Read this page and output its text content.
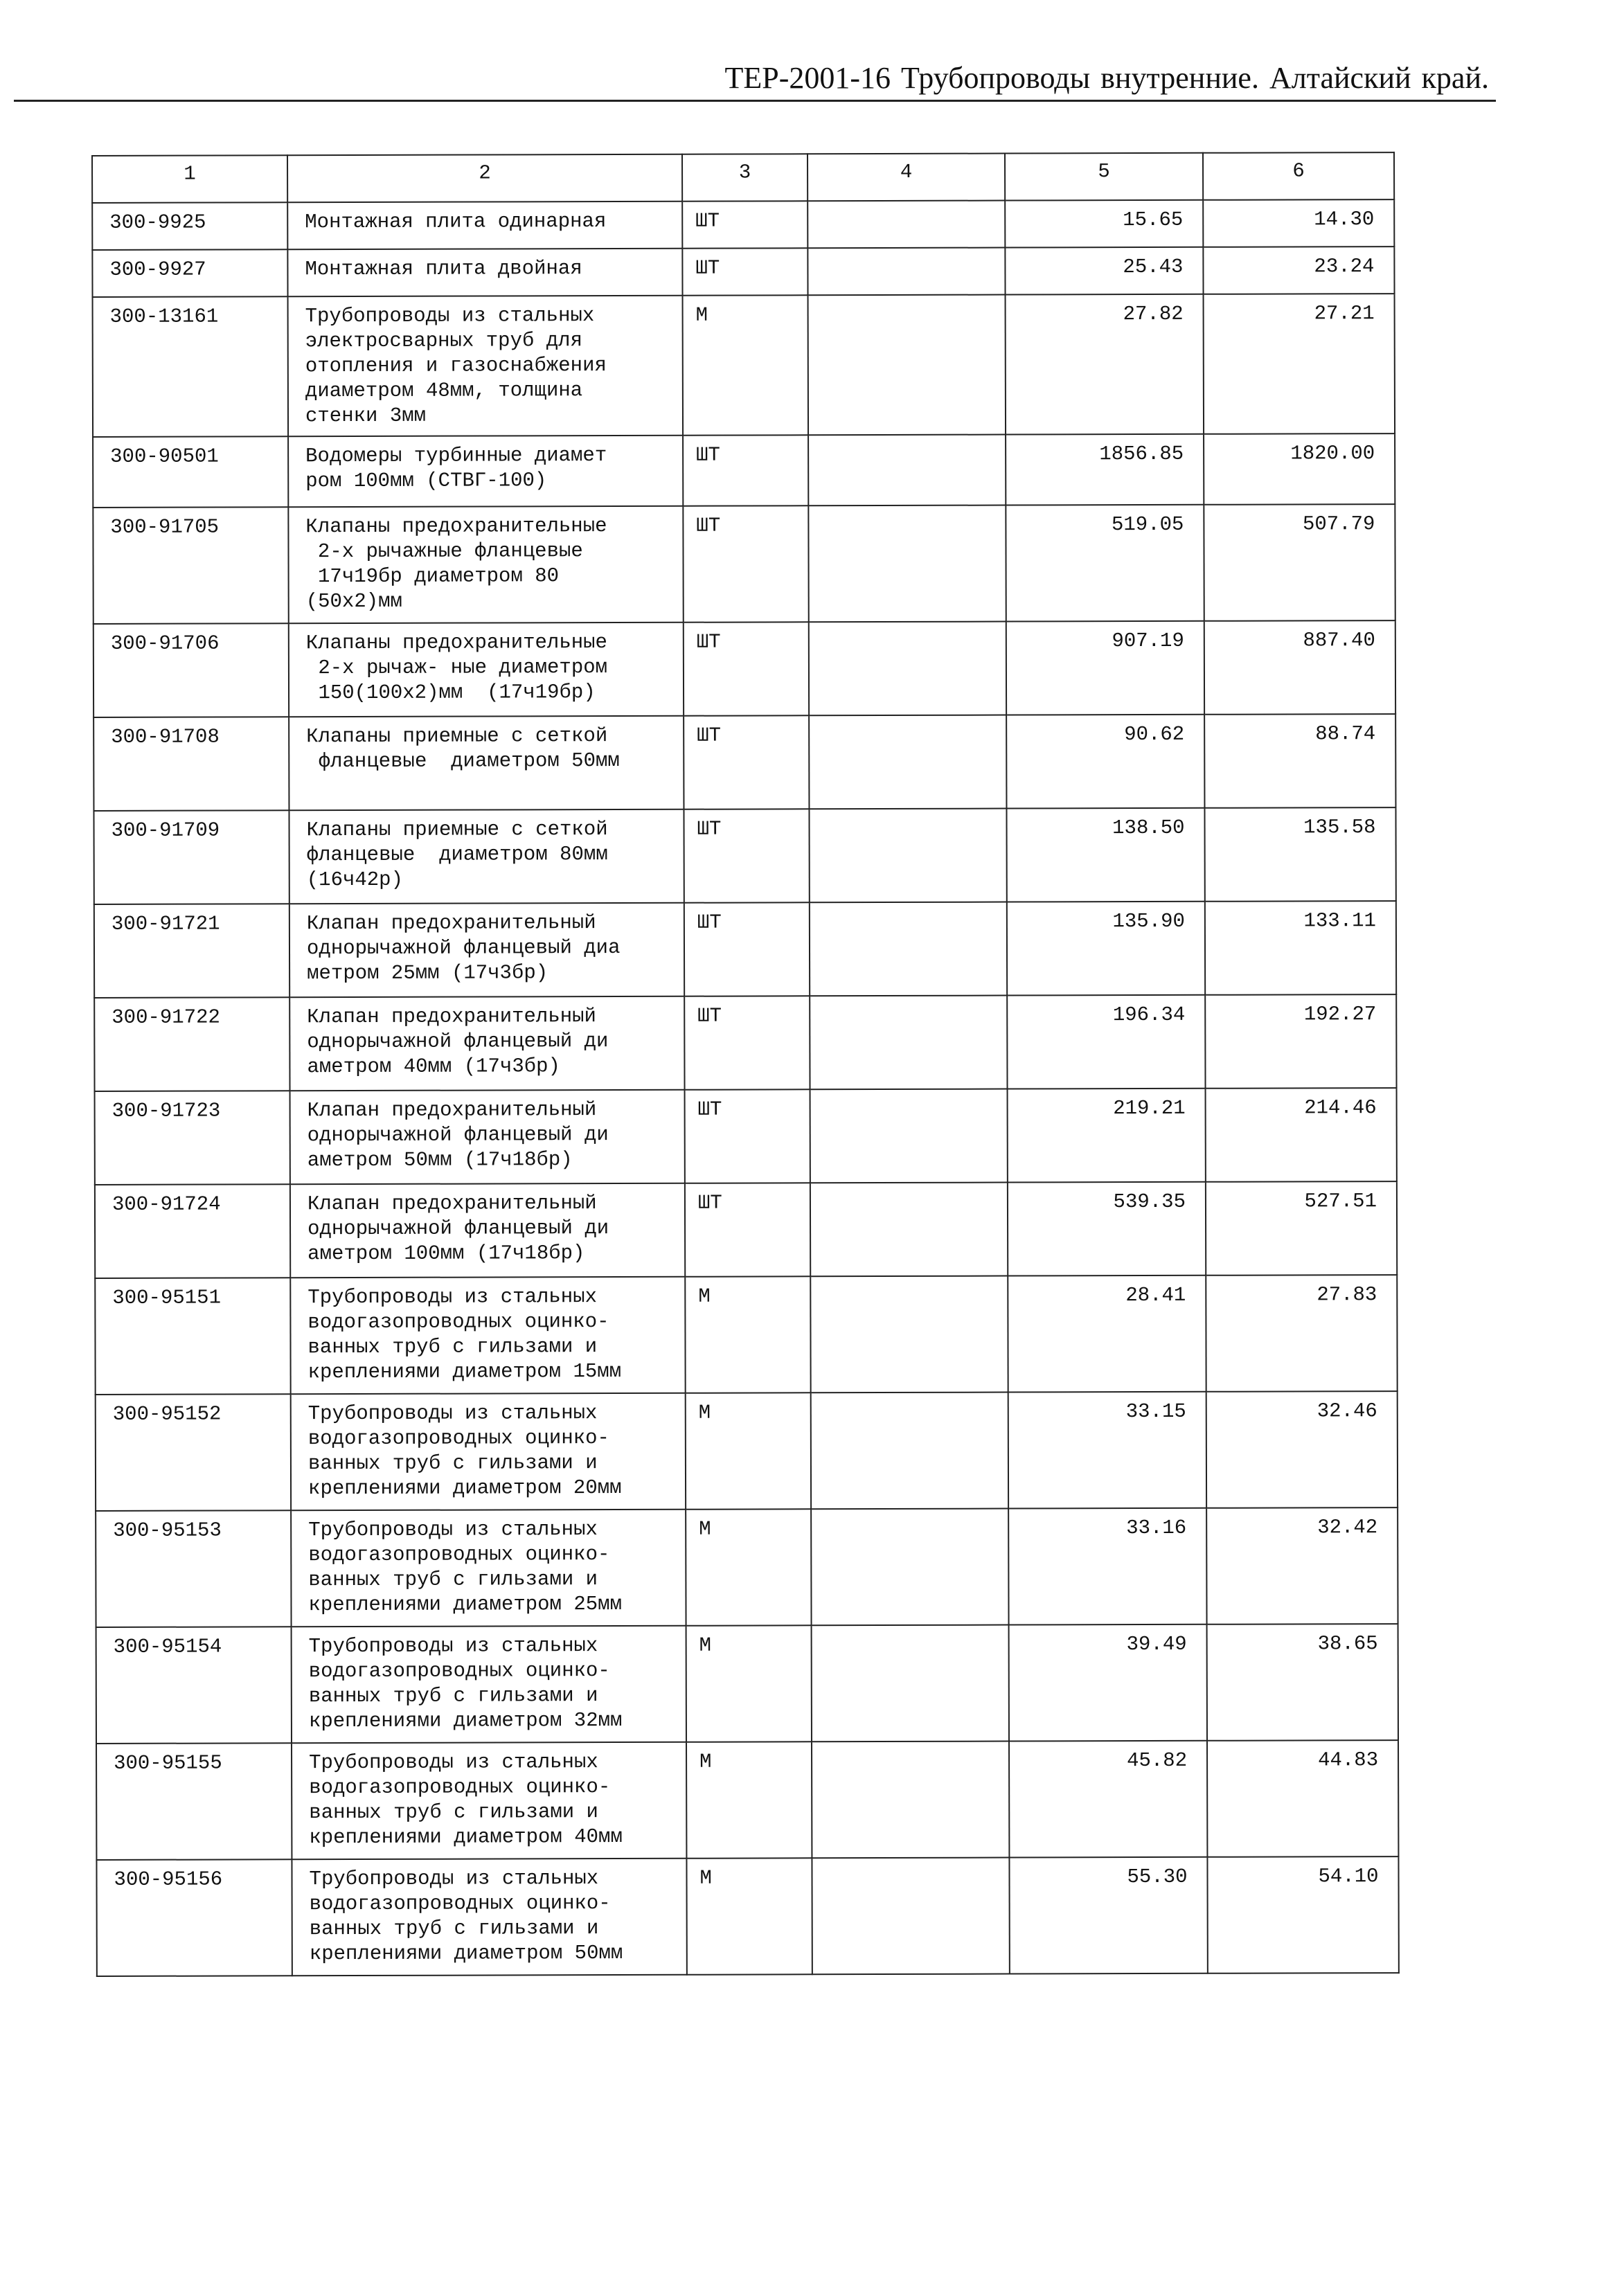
ТЕР-2001-16 Трубопроводы внутренние. Алтайский край.
1	2	3	4	5	6
300-9925	Монтажная плита одинарная	ШТ		15.65	14.30
300-9927	Монтажная плита двойная	ШТ		25.43	23.24
300-13161	Трубопроводы из стальных
электросварных труб для
отопления и газоснабжения
диаметром 48мм, толщина
стенки 3мм	М		27.82	27.21
300-90501	Водомеры турбинные диамет
ром 100мм (СТВГ-100)	ШТ		1856.85	1820.00
300-91705	Клапаны предохранительные
2-х рычажные фланцевые
17ч19бр диаметром 80
(50х2)мм	ШТ		519.05	507.79
300-91706	Клапаны предохранительные
2-х рычаж- ные диаметром
150(100х2)мм  (17ч19бр)	ШТ		907.19	887.40
300-91708	Клапаны приемные с сеткой
фланцевые  диаметром 50мм	ШТ		90.62	88.74
300-91709	Клапаны приемные с сеткой
фланцевые  диаметром 80мм
(16ч42р)	ШТ		138.50	135.58
300-91721	Клапан предохранительный
однорычажной фланцевый диа
метром 25мм (17ч3бр)	ШТ		135.90	133.11
300-91722	Клапан предохранительный
однорычажной фланцевый ди
аметром 40мм (17ч3бр)	ШТ		196.34	192.27
300-91723	Клапан предохранительный
однорычажной фланцевый ди
аметром 50мм (17ч18бр)	ШТ		219.21	214.46
300-91724	Клапан предохранительный
однорычажной фланцевый ди
аметром 100мм (17ч18бр)	ШТ		539.35	527.51
300-95151	Трубопроводы из стальных
водогазопроводных оцинко-
ванных труб с гильзами и
креплениями диаметром 15мм	М		28.41	27.83
300-95152	Трубопроводы из стальных
водогазопроводных оцинко-
ванных труб с гильзами и
креплениями диаметром 20мм	М		33.15	32.46
300-95153	Трубопроводы из стальных
водогазопроводных оцинко-
ванных труб с гильзами и
креплениями диаметром 25мм	М		33.16	32.42
300-95154	Трубопроводы из стальных
водогазопроводных оцинко-
ванных труб с гильзами и
креплениями диаметром 32мм	М		39.49	38.65
300-95155	Трубопроводы из стальных
водогазопроводных оцинко-
ванных труб с гильзами и
креплениями диаметром 40мм	М		45.82	44.83
300-95156	Трубопроводы из стальных
водогазопроводных оцинко-
ванных труб с гильзами и
креплениями диаметром 50мм	М		55.30	54.10
